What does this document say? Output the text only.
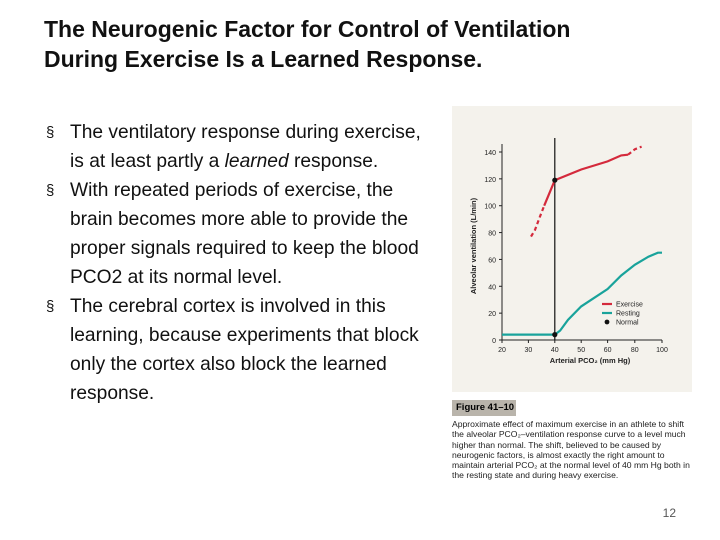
The Neurogenic Factor for Control of Ventilation
During Exercise Is a Learned Response.
§ The ventilatory response during exercise, is at least partly a learned response.
§ With repeated periods of exercise, the brain becomes more able to provide the proper signals required to keep the blood PCO2 at its normal level.
§ The cerebral cortex is involved in this learning, because experiments that block only the cortex also block the learned response.
0
20
40
60
80
100
120
140
20	30	40	50	60	80 100
Arterial PCO₂ (mm Hg)
Alveolar ventilation (L/min)
Exercise
Resting
Normal
Figure 41–10
Approximate effect of maximum exercise in an athlete to shift the alveolar PCO₂–ventilation response curve to a level much higher than normal. The shift, believed to be caused by neurogenic factors, is almost exactly the right amount to maintain arterial PCO₂ at the normal level of 40 mm Hg both in the resting state and during heavy exercise.
12
